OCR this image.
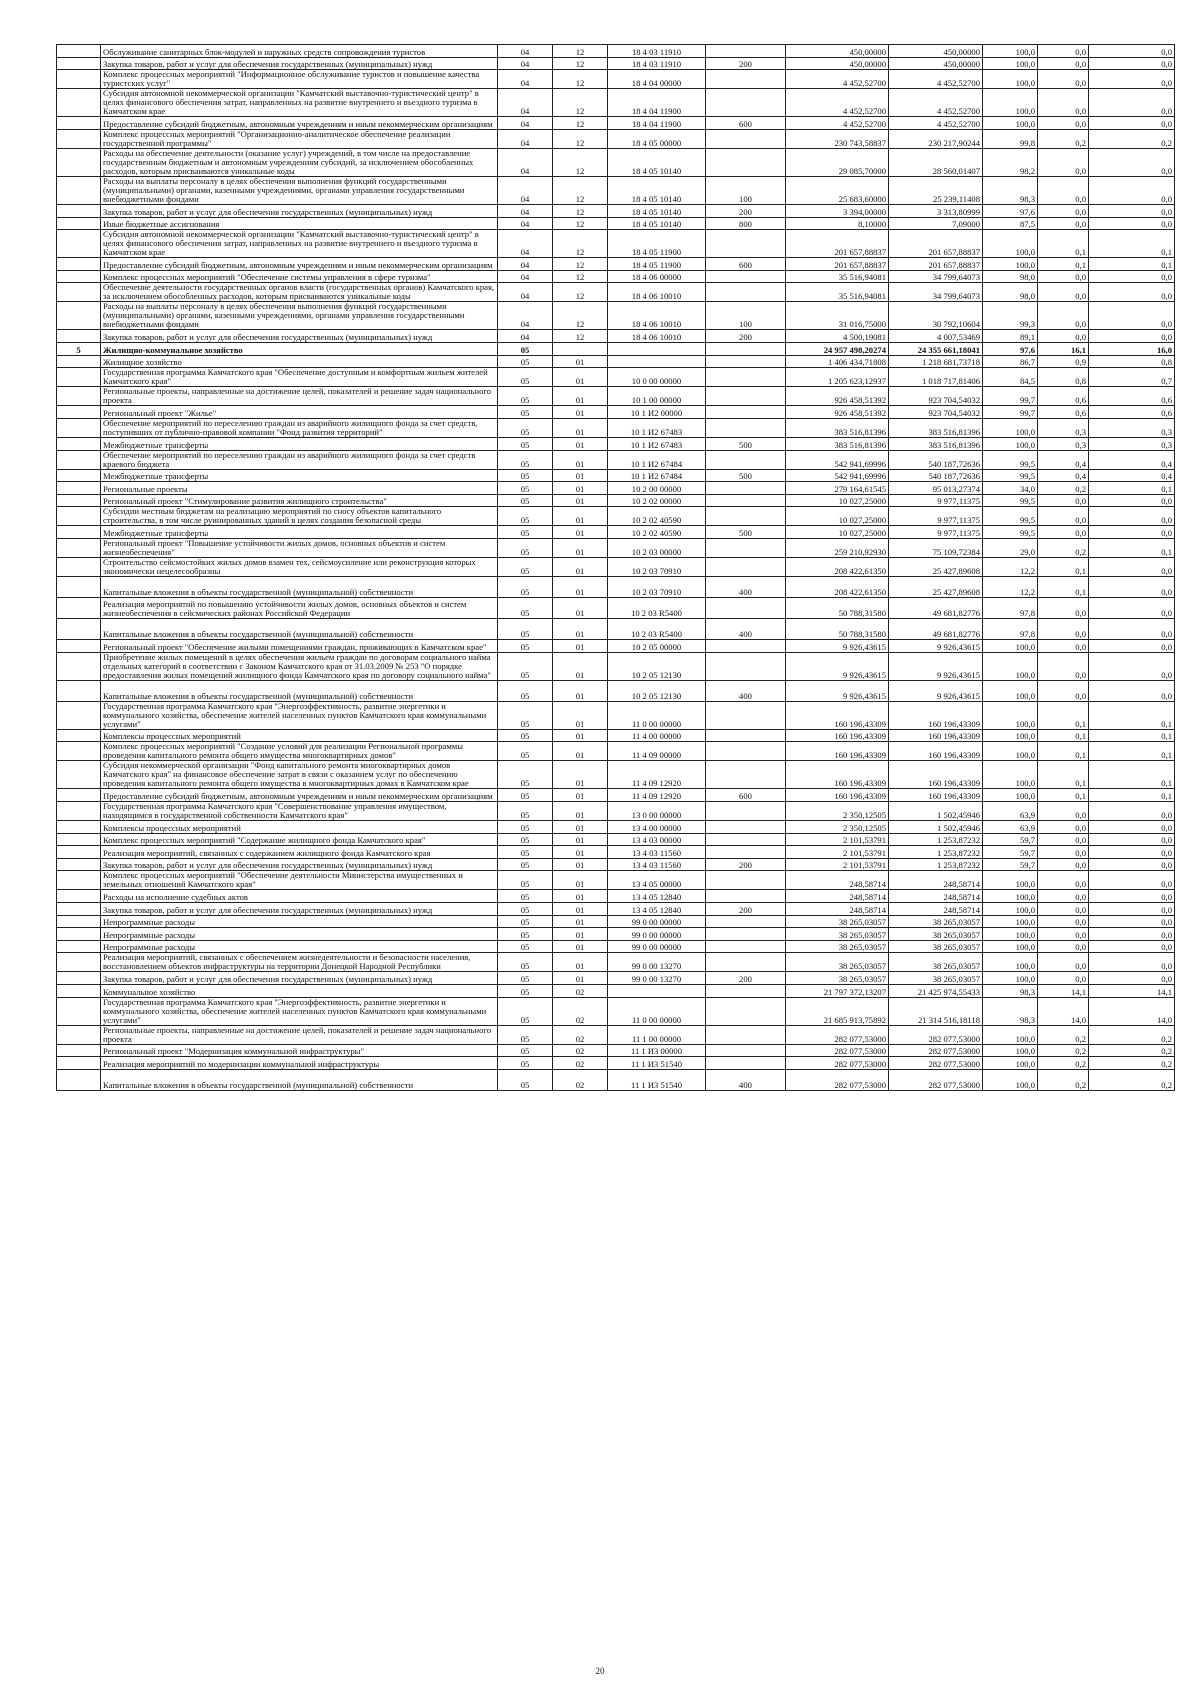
	Обслуживание санитарных блок-модулей и наружных средств сопровождения туристов	04	12	18 4 03 11910		450,00000	450,00000	100,0	0,0	0,0
	Закупка товаров, работ и услуг для обеспечения государственных (муниципальных) нужд	04	12	18 4 03 11910	200	450,00000	450,00000	100,0	0,0	0,0
	Комплекс процессных мероприятий "Информационное обслуживание туристов и повышение качества туристских услуг"	04	12	18 4 04 00000		4 452,52700	4 452,52700	100,0	0,0	0,0
	Субсидия автономной некоммерческой организации "Камчатский выставочно-туристический центр" в целях финансового обеспечения затрат, направленных на развитие внутреннего и въездного туризма в Камчатском крае	04	12	18 4 04 11900		4 452,52700	4 452,52700	100,0	0,0	0,0
	Предоставление субсидий бюджетным, автономным учреждениям и иным некоммерческим организациям	04	12	18 4 04 11900	600	4 452,52700	4 452,52700	100,0	0,0	0,0
	Комплекс процессных мероприятий "Организационно-аналитическое обеспечение реализации государственной программы"	04	12	18 4 05 00000		230 743,58837	230 217,90244	99,8	0,2	0,2
	Расходы на обеспечение деятельности (оказание услуг) учреждений, в том числе на предоставление государственным бюджетным и автономным учреждениям субсидий, за исключением обособленных расходов, которым присваиваются уникальные коды	04	12	18 4 05 10140		29 085,70000	28 560,01407	98,2	0,0	0,0
	Расходы на выплаты персоналу в целях обеспечения выполнения функций государственными (муниципальными) органами, казенными учреждениями, органами управления государственными внебюджетными фондами	04	12	18 4 05 10140	100	25 683,60000	25 239,11408	98,3	0,0	0,0
	Закупка товаров, работ и услуг для обеспечения государственных (муниципальных) нужд	04	12	18 4 05 10140	200	3 394,00000	3 313,80999	97,6	0,0	0,0
	Иные бюджетные ассигнования	04	12	18 4 05 10140	800	8,10000	7,09000	87,5	0,0	0,0
	Субсидия автономной некоммерческой организации "Камчатский выставочно-туристический центр" в целях финансового обеспечения затрат, направленных на развитие внутреннего и въездного туризма в Камчатском крае	04	12	18 4 05 11900		201 657,88837	201 657,88837	100,0	0,1	0,1
	Предоставление субсидий бюджетным, автономным учреждениям и иным некоммерческим организациям	04	12	18 4 05 11900	600	201 657,88837	201 657,88837	100,0	0,1	0,1
	Комплекс процессных мероприятий "Обеспечение системы управления в сфере туризма"	04	12	18 4 06 00000		35 516,94081	34 799,64073	98,0	0,0	0,0
	Обеспечение деятельности государственных органов власти (государственных органов) Камчатского края, за исключением обособленных расходов, которым присваиваются уникальные коды	04	12	18 4 06 10010		35 516,94081	34 799,64073	98,0	0,0	0,0
	Расходы на выплаты персоналу в целях обеспечения выполнения функций государственными (муниципальными) органами, казенными учреждениями, органами управления государственными внебюджетными фондами	04	12	18 4 06 10010	100	31 016,75000	30 792,10604	99,3	0,0	0,0
	Закупка товаров, работ и услуг для обеспечения государственных (муниципальных) нужд	04	12	18 4 06 10010	200	4 500,19081	4 007,53469	89,1	0,0	0,0
5	Жилищно-коммунальное хозяйство	05				24 957 498,20274	24 355 661,18041	97,6	16,1	16,0
	Жилищное хозяйство	05	01			1 406 434,71808	1 218 681,73718	86,7	0,9	0,8
	Государственная программа Камчатского края "Обеспечение доступным и комфортным жильем жителей Камчатского края"	05	01	10 0 00 00000		1 205 623,12937	1 018 717,81406	84,5	0,8	0,7
	Региональные проекты, направленные на достижение целей, показателей и решение задач национального проекта	05	01	10 1 00 00000		926 458,51392	923 704,54032	99,7	0,6	0,6
	Региональный проект "Жилье"	05	01	10 1 И2 00000		926 458,51392	923 704,54032	99,7	0,6	0,6
	Обеспечение мероприятий по переселению граждан из аварийного жилищного фонда за счет средств, поступивших от публично-правовой компании "Фонд развития территорий"	05	01	10 1 И2 67483		383 516,81396	383 516,81396	100,0	0,3	0,3
	Межбюджетные трансферты	05	01	10 1 И2 67483	500	383 516,81396	383 516,81396	100,0	0,3	0,3
	Обеспечение мероприятий по переселению граждан из аварийного жилищного фонда за счет средств краевого бюджета	05	01	10 1 И2 67484		542 941,69996	540 187,72636	99,5	0,4	0,4
	Межбюджетные трансферты	05	01	10 1 И2 67484	500	542 941,69996	540 187,72636	99,5	0,4	0,4
	Региональные проекты	05	01	10 2 00 00000		279 164,61545	95 013,27374	34,0	0,2	0,1
	Региональный проект "Стимулирование развития жилищного строительства"	05	01	10 2 02 00000		10 027,25000	9 977,11375	99,5	0,0	0,0
	Субсидии местным бюджетам на реализацию мероприятий по сносу объектов капитального строительства, в том числе руинированных зданий в целях создания безопасной среды	05	01	10 2 02 40590		10 027,25000	9 977,11375	99,5	0,0	0,0
	Межбюджетные трансферты	05	01	10 2 02 40590	500	10 027,25000	9 977,11375	99,5	0,0	0,0
	Региональный проект "Повышение устойчивости жилых домов, основных объектов и систем жизнеобеспечения"	05	01	10 2 03 00000		259 210,92930	75 109,72384	29,0	0,2	0,1
	Строительство сейсмостойких жилых домов взамен тех, сейсмоусиление или реконструкция которых экономически нецелесообразны	05	01	10 2 03 70910		208 422,61350	25 427,89608	12,2	0,1	0,0
	Капитальные вложения в объекты государственной (муниципальной) собственности	05	01	10 2 03 70910	400	208 422,61350	25 427,89608	12,2	0,1	0,0
	Реализация мероприятий по повышению устойчивости жилых домов, основных объектов и систем жизнеобеспечения в сейсмических районах Российской Федерации	05	01	10 2 03 R5400		50 788,31580	49 681,82776	97,8	0,0	0,0
	Капитальные вложения в объекты государственной (муниципальной) собственности	05	01	10 2 03 R5400	400	50 788,31580	49 681,82776	97,8	0,0	0,0
	Региональный проект "Обеспечение жилыми помещениями граждан, проживающих в Камчатском крае"	05	01	10 2 05 00000		9 926,43615	9 926,43615	100,0	0,0	0,0
	Приобретение жилых помещений в целях обеспечения жильем граждан по договорам социального найма отдельных категорий в соответствии с Законом Камчатского края от 31.03.2009 № 253 "О порядке предоставления жилых помещений жилищного фонда Камчатского края по договору социального найма"	05	01	10 2 05 12130		9 926,43615	9 926,43615	100,0	0,0	0,0
	Капитальные вложения в объекты государственной (муниципальной) собственности	05	01	10 2 05 12130	400	9 926,43615	9 926,43615	100,0	0,0	0,0
	Государственная программа Камчатского края "Энергоэффективность, развитие энергетики и коммунального хозяйства, обеспечение жителей населенных пунктов Камчатского края коммунальными услугами"	05	01	11 0 00 00000		160 196,43309	160 196,43309	100,0	0,1	0,1
	Комплексы процессных мероприятий	05	01	11 4 00 00000		160 196,43309	160 196,43309	100,0	0,1	0,1
	Комплекс процессных мероприятий "Создание условий для реализации Региональной программы проведения капитального ремонта общего имущества многоквартирных домов"	05	01	11 4 09 00000		160 196,43309	160 196,43309	100,0	0,1	0,1
	Субсидия некоммерческой организации "Фонд капитального ремонта многоквартирных домов Камчатского края" на финансовое обеспечение затрат в связи с оказанием услуг по обеспечению проведения капитального ремонта общего имущества в многоквартирных домах в Камчатском крае	05	01	11 4 09 12920		160 196,43309	160 196,43309	100,0	0,1	0,1
	Предоставление субсидий бюджетным, автономным учреждениям и иным некоммерческим организациям	05	01	11 4 09 12920	600	160 196,43309	160 196,43309	100,0	0,1	0,1
	Государственная программа Камчатского края "Совершенствование управления имуществом, находящимся в государственной собственности Камчатского края"	05	01	13 0 00 00000		2 350,12505	1 502,45946	63,9	0,0	0,0
	Комплексы процессных мероприятий	05	01	13 4 00 00000		2 350,12505	1 502,45946	63,9	0,0	0,0
	Комплекс процессных мероприятий "Содержание жилищного фонда Камчатского края"	05	01	13 4 03 00000		2 101,53791	1 253,87232	59,7	0,0	0,0
	Реализация мероприятий, связанных с содержанием жилищного фонда Камчатского края	05	01	13 4 03 11560		2 101,53791	1 253,87232	59,7	0,0	0,0
	Закупка товаров, работ и услуг для обеспечения государственных (муниципальных) нужд	05	01	13 4 03 11560	200	2 101,53791	1 253,87232	59,7	0,0	0,0
	Комплекс процессных мероприятий "Обеспечение деятельности Министерства имущественных и земельных отношений Камчатского края"	05	01	13 4 05 00000		248,58714	248,58714	100,0	0,0	0,0
	Расходы на исполнение судебных актов	05	01	13 4 05 12840		248,58714	248,58714	100,0	0,0	0,0
	Закупка товаров, работ и услуг для обеспечения государственных (муниципальных) нужд	05	01	13 4 05 12840	200	248,58714	248,58714	100,0	0,0	0,0
	Непрограммные расходы	05	01	99 0 00 00000		38 265,03057	38 265,03057	100,0	0,0	0,0
	Непрограммные расходы	05	01	99 0 00 00000		38 265,03057	38 265,03057	100,0	0,0	0,0
	Непрограммные расходы	05	01	99 0 00 00000		38 265,03057	38 265,03057	100,0	0,0	0,0
	Реализация мероприятий, связанных с обеспечением жизнедеятельности и безопасности населения, восстановлением объектов инфраструктуры на территории Донецкой Народной Республики	05	01	99 0 00 13270		38 265,03057	38 265,03057	100,0	0,0	0,0
	Закупка товаров, работ и услуг для обеспечения государственных (муниципальных) нужд	05	01	99 0 00 13270	200	38 265,03057	38 265,03057	100,0	0,0	0,0
	Коммунальное хозяйство	05	02			21 797 372,13207	21 425 974,55433	98,3	14,1	14,1
	Государственная программа Камчатского края "Энергоэффективность, развитие энергетики и коммунального хозяйства, обеспечение жителей населенных пунктов Камчатского края коммунальными услугами"	05	02	11 0 00 00000		21 685 913,75892	21 314 516,18118	98,3	14,0	14,0
	Региональные проекты, направленные на достижение целей, показателей и решение задач национального проекта	05	02	11 1 00 00000		282 077,53000	282 077,53000	100,0	0,2	0,2
	Региональный проект "Модернизация коммунальной инфраструктуры"	05	02	11 1 И3 00000		282 077,53000	282 077,53000	100,0	0,2	0,2
	Реализация мероприятий по модернизации коммунальной инфраструктуры	05	02	11 1 И3 51540		282 077,53000	282 077,53000	100,0	0,2	0,2
	Капитальные вложения в объекты государственной (муниципальной) собственности	05	02	11 1 И3 51540	400	282 077,53000	282 077,53000	100,0	0,2	0,2
20
